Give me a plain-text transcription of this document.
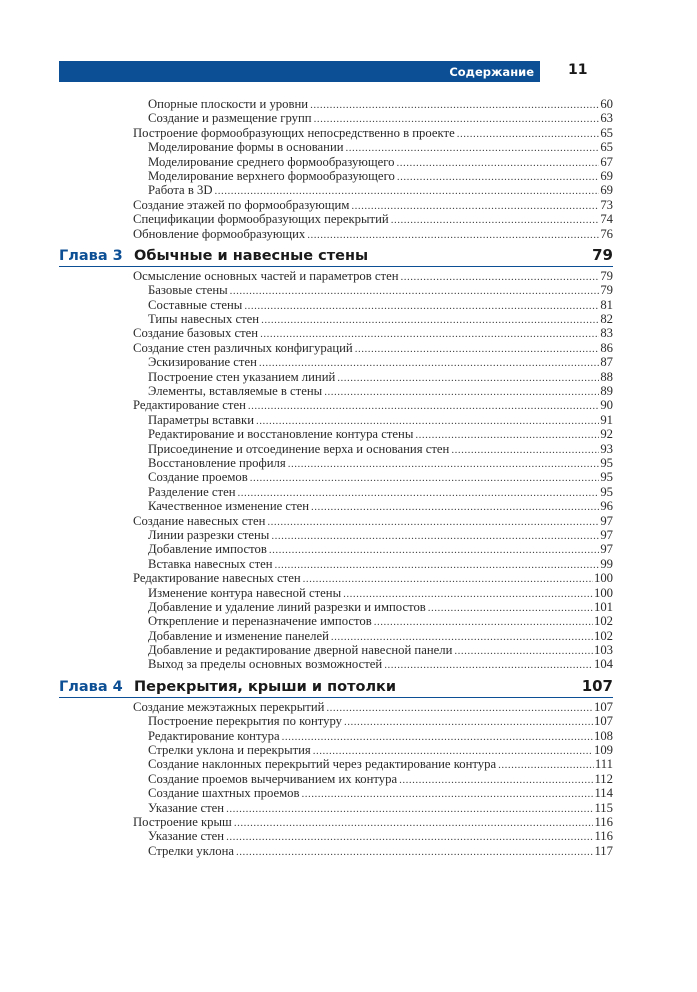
Содержание 11
Опорные плоскости и уровни .....	60
Создание и размещение групп .....	63
Построение формообразующих непосредственно в проекте .....	65
Моделирование формы в основании .....	65
Моделирование среднего формообразующего .....	67
Моделирование верхнего формообразующего .....	69
Работа в 3D .....	69
Создание этажей по формообразующим .....	73
Спецификации формообразующих перекрытий .....	74
Обновление формообразующих .....	76
Глава 3 Обычные и навесные стены	79
Осмысление основных частей и параметров стен .....	79
Базовые стены .....	79
Составные стены .....	81
Типы навесных стен .....	82
Создание базовых стен .....	83
Создание стен различных конфигураций .....	86
Эскизирование стен .....	87
Построение стен указанием линий .....	88
Элементы, вставляемые в стены .....	89
Редактирование стен .....	90
Параметры вставки .....	91
Редактирование и восстановление контура стены .....	92
Присоединение и отсоединение верха и основания стен .....	93
Восстановление профиля .....	95
Создание проемов .....	95
Разделение стен .....	95
Качественное изменение стен .....	96
Создание навесных стен .....	97
Линии разрезки стены .....	97
Добавление импостов .....	97
Вставка навесных стен .....	99
Редактирование навесных стен .....	100
Изменение контура навесной стены .....	100
Добавление и удаление линий разрезки и импостов .....	101
Открепление и переназначение импостов .....	102
Добавление и изменение панелей .....	102
Добавление и редактирование дверной навесной панели .....	103
Выход за пределы основных возможностей .....	104
Глава 4 Перекрытия, крыши и потолки	107
Создание межэтажных перекрытий .....	107
Построение перекрытия по контуру .....	107
Редактирование контура .....	108
Стрелки уклона и перекрытия .....	109
Создание наклонных перекрытий через редактирование контура .....	111
Создание проемов вычерчиванием их контура .....	112
Создание шахтных проемов .....	114
Указание стен .....	115
Построение крыш .....	116
Указание стен .....	116
Стрелки уклона .....	117
